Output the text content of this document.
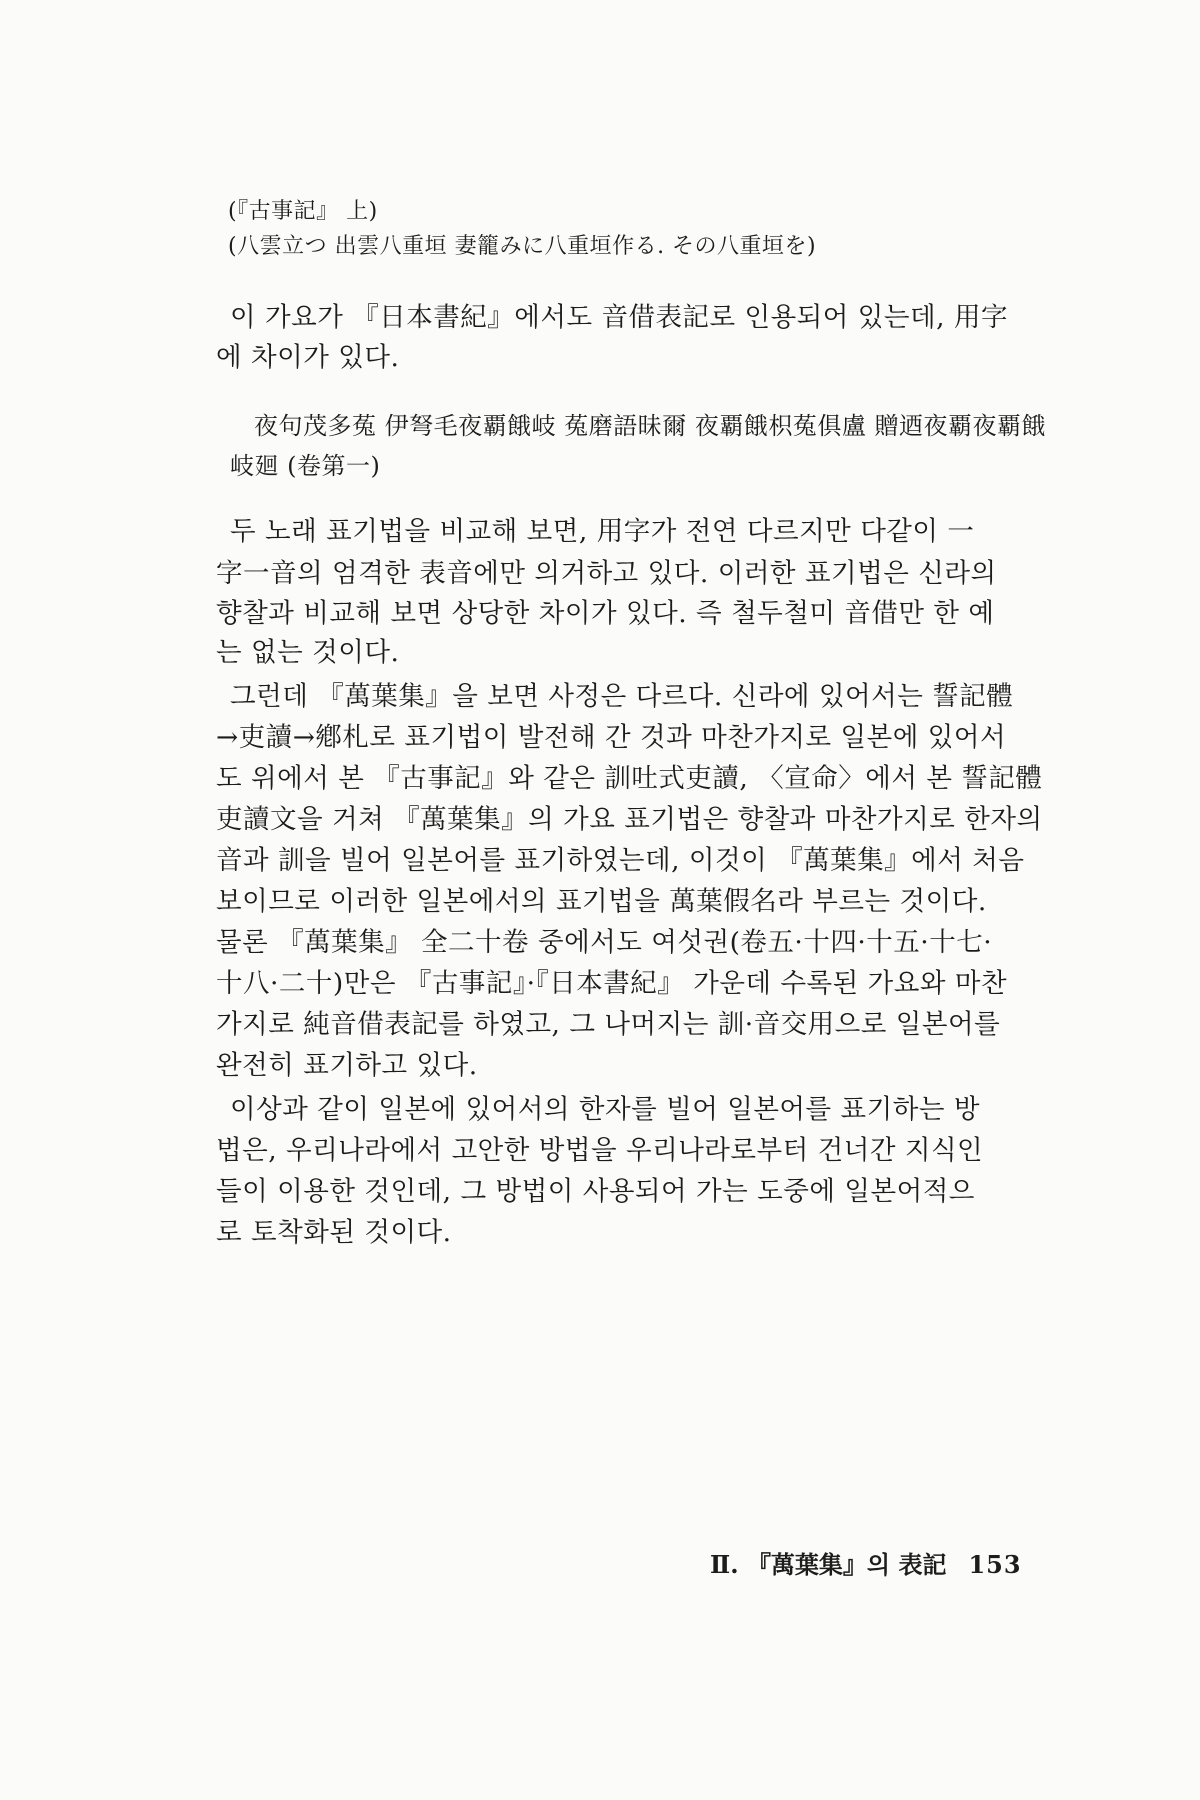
(『古事記』 上)

(八雲立つ 出雲八重垣 妻籠みに八重垣作る. その八重垣を)

이 가요가 『日本書紀』에서도 音借表記로 인용되어 있는데, 用字

에 차이가 있다.

夜句茂多菟 伊弩毛夜覇餓岐 菟磨語昧爾 夜覇餓枳菟俱盧 贈迺夜覇夜覇餓

岐廻 (卷第一)

두 노래 표기법을 비교해 보면, 用字가 전연 다르지만 다같이 一

字一音의 엄격한 表音에만 의거하고 있다. 이러한 표기법은 신라의

향찰과 비교해 보면 상당한 차이가 있다. 즉 철두철미 音借만 한 예

는 없는 것이다.

그런데 『萬葉集』을 보면 사정은 다르다. 신라에 있어서는 誓記體

→吏讀→鄕札로 표기법이 발전해 간 것과 마찬가지로 일본에 있어서

도 위에서 본 『古事記』와 같은 訓吐式吏讀, 〈宣命〉에서 본 誓記體

吏讀文을 거쳐 『萬葉集』의 가요 표기법은 향찰과 마찬가지로 한자의

音과 訓을 빌어 일본어를 표기하였는데, 이것이 『萬葉集』에서 처음

보이므로 이러한 일본에서의 표기법을 萬葉假名라 부르는 것이다.

물론 『萬葉集』 全二十卷 중에서도 여섯권(卷五·十四·十五·十七·

十八·二十)만은 『古事記』·『日本書紀』 가운데 수록된 가요와 마찬

가지로 純音借表記를 하였고, 그 나머지는 訓·音交用으로 일본어를

완전히 표기하고 있다.

이상과 같이 일본에 있어서의 한자를 빌어 일본어를 표기하는 방

법은, 우리나라에서 고안한 방법을 우리나라로부터 건너간 지식인

들이 이용한 것인데, 그 방법이 사용되어 가는 도중에 일본어적으

로 토착화된 것이다.

Ⅱ. 『萬葉集』의 表記 153
